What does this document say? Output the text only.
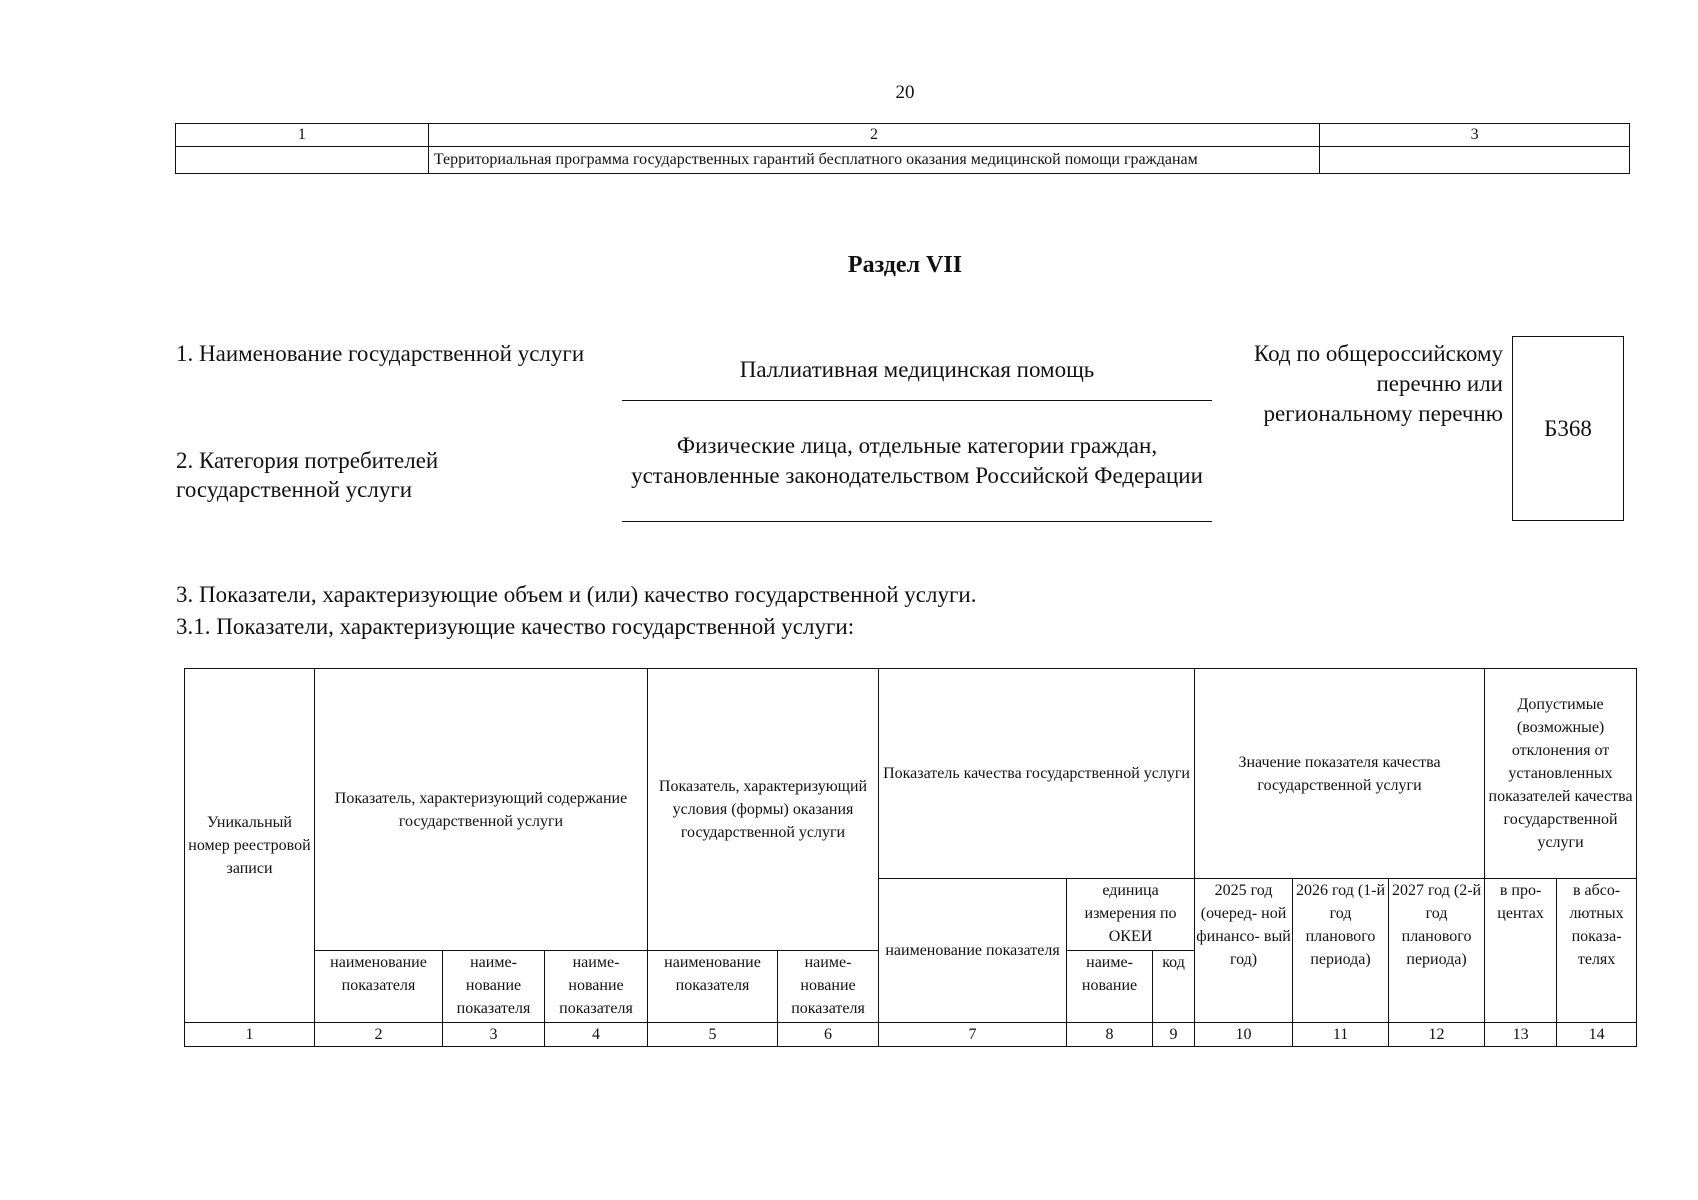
20
1	2	3
	Территориальная программа государственных гарантий бесплатного оказания медицинской помощи гражданам	
Раздел VII
1. Наименование государственной услуги
2. Категория потребителей государственной услуги
Паллиативная медицинская помощь
Физические лица, отдельные категории граждан, установленные законодательством Российской Федерации
Код по общероссийскому перечню или региональному перечню
Б368
3. Показатели, характеризующие объем и (или) качество государственной услуги.
3.1. Показатели, характеризующие качество государственной услуги:
Уникальный номер реестровой записи	Показатель, характеризующий содержание государственной услуги			Показатель, характеризующий условия (формы) оказания государственной услуги		Показатель качества государственной услуги			Значение показателя качества государственной услуги			Допустимые (возможные) отклонения от установленных показателей качества государственной услуги	
						наименование показателя	единица измерения по ОКЕИ		2025 год (очеред- ной финансо- вый год)	2026 год (1-й год планового периода)	2027 год (2-й год планового периода)	в про- центах	в абсо- лютных показа- телях
	наименование показателя	наиме- нование показателя	наиме- нование показателя	наименование показателя	наиме- нование показателя		наиме- нование	код					

1	2	3	4	5	6	7	8	9	10	11	12	13	14
